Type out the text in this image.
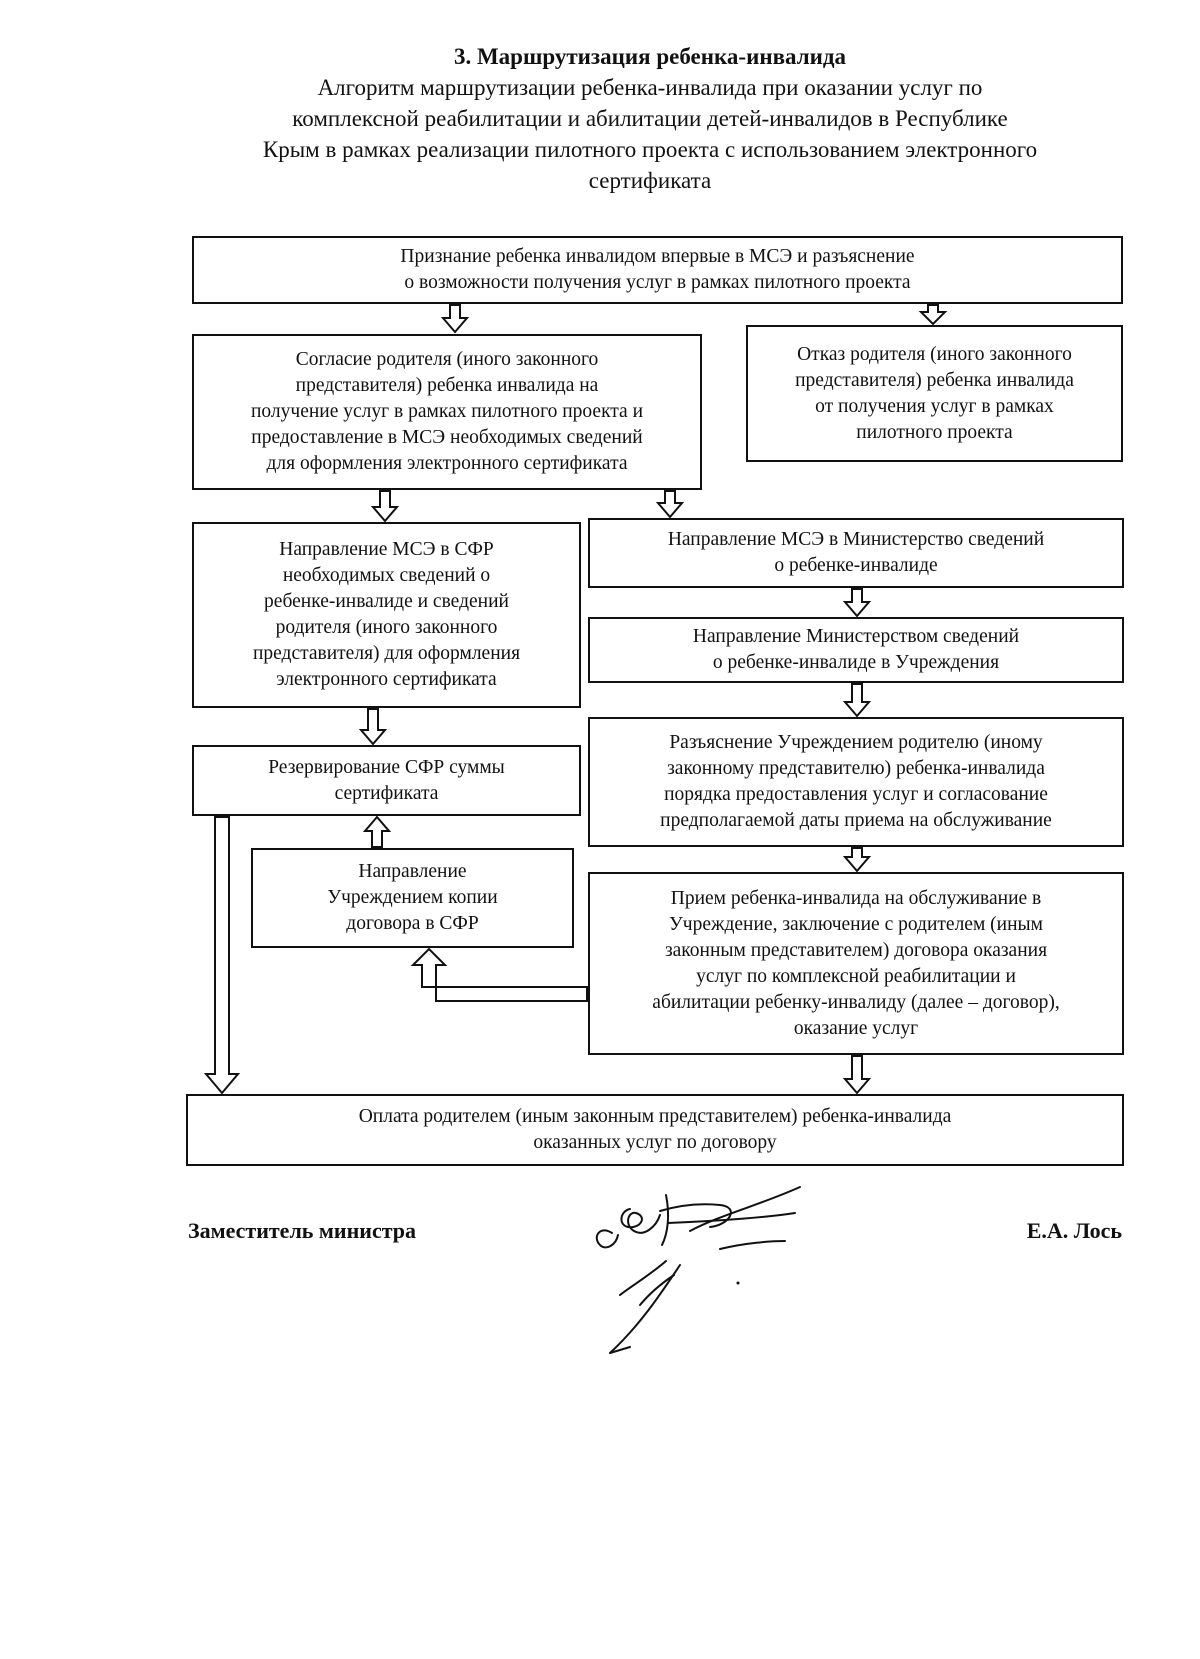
3. Маршрутизация ребенка-инвалида
Алгоритм маршрутизации ребенка-инвалида при оказании услуг по
комплексной реабилитации и абилитации детей-инвалидов в Республике
Крым в рамках реализации пилотного проекта с использованием электронного
сертификата
Признание ребенка инвалидом впервые в МСЭ и разъяснение
о возможности получения услуг в рамках пилотного проекта
Согласие родителя (иного законного
представителя) ребенка инвалида на
получение услуг в рамках пилотного проекта и
предоставление в МСЭ необходимых сведений
для оформления электронного сертификата
Отказ родителя (иного законного
представителя) ребенка инвалида
от получения услуг в рамках
пилотного проекта
Направление МСЭ в СФР
необходимых сведений о
ребенке-инвалиде и сведений
родителя (иного законного
представителя) для оформления
электронного сертификата
Направление МСЭ в Министерство сведений
о ребенке-инвалиде
Направление Министерством сведений
о ребенке-инвалиде в Учреждения
Резервирование СФР суммы
сертификата
Разъяснение Учреждением родителю (иному
законному представителю) ребенка-инвалида
порядка предоставления услуг и согласование
предполагаемой даты приема на обслуживание
Направление
Учреждением копии
договора в СФР
Прием ребенка-инвалида на обслуживание в
Учреждение, заключение с родителем (иным
законным представителем) договора оказания
услуг по комплексной реабилитации и
абилитации ребенку-инвалиду (далее – договор),
оказание услуг
Оплата родителем (иным законным представителем) ребенка-инвалида
оказанных услуг по договору
Заместитель министра	Е.А. Лось
